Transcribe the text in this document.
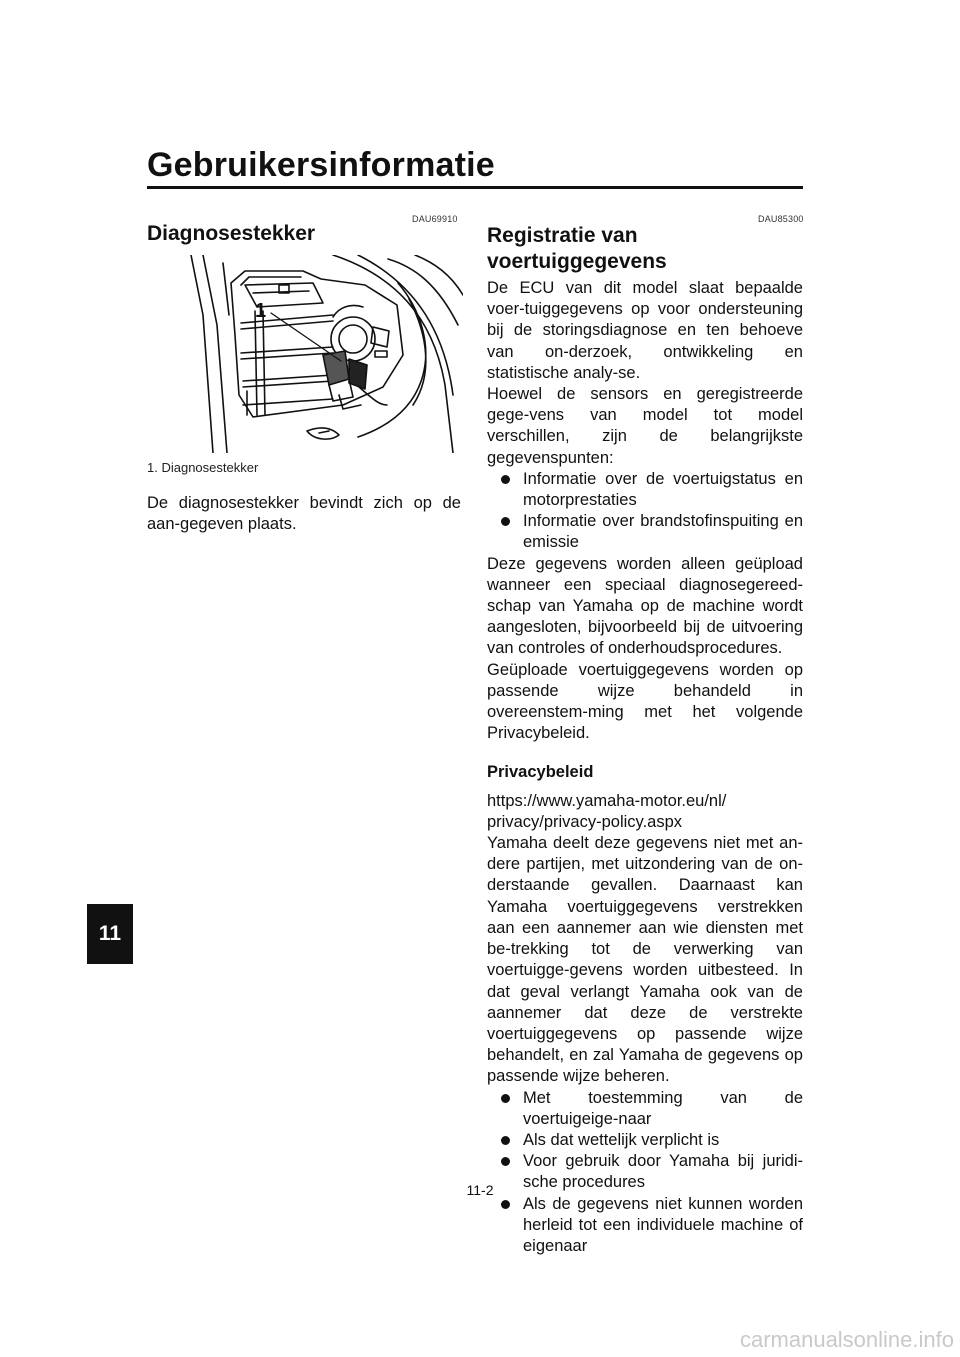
Gebruikersinformatie
11
DAU69910
Diagnosestekker
1
1. Diagnosestekker

De diagnosestekker bevindt zich op de aan-gegeven plaats.

DAU85300
Registratie van
voertuiggegevens

De ECU van dit model slaat bepaalde voer-tuiggegevens op voor ondersteuning bij de storingsdiagnose en ten behoeve van on-derzoek, ontwikkeling en statistische analy-se.

Hoewel de sensors en geregistreerde gege-vens van model tot model verschillen, zijn de belangrijkste gegevenspunten:

Informatie over de voertuigstatus en motorprestaties
Informatie over brandstofinspuiting en emissie

Deze gegevens worden alleen geüpload wanneer een speciaal diagnosegereed-schap van Yamaha op de machine wordt aangesloten, bijvoorbeeld bij de uitvoering van controles of onderhoudsprocedures.

Geüploade voertuiggegevens worden op passende wijze behandeld in overeenstem-ming met het volgende Privacybeleid.

Privacybeleid

https://www.yamaha-motor.eu/nl/

privacy/privacy-policy.aspx

Yamaha deelt deze gegevens niet met an-dere partijen, met uitzondering van de on-derstaande gevallen. Daarnaast kan Yamaha voertuiggegevens verstrekken aan een aannemer aan wie diensten met be-trekking tot de verwerking van voertuigge-gevens worden uitbesteed. In dat geval verlangt Yamaha ook van de aannemer dat deze de verstrekte voertuiggegevens op passende wijze behandelt, en zal Yamaha de gegevens op passende wijze beheren.

Met toestemming van de voertuigeige-naar
Als dat wettelijk verplicht is
Voor gebruik door Yamaha bij juridi-sche procedures
Als de gegevens niet kunnen worden herleid tot een individuele machine of eigenaar
11-2
carmanualsonline.info
